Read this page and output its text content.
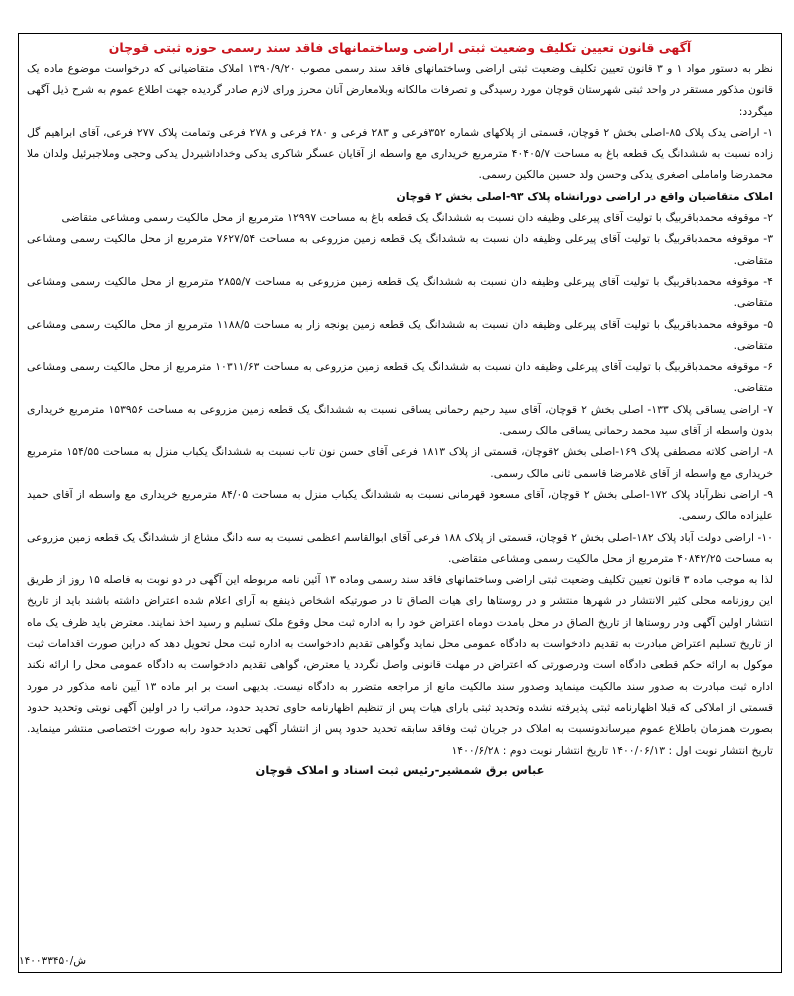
آگهی قانون تعیین تکلیف وضعیت ثبتی اراضی وساختمانهای فاقد سند رسمی حوزه ثبتی قوچان

نظر به دستور مواد ۱ و ۳ قانون تعیین تکلیف وضعیت ثبتی اراضی وساختمانهای فاقد سند رسمی مصوب ۱۳۹۰/۹/۲۰ املاک متقاضیانی که درخواست موضوع ماده یک قانون مذکور مستقر در واحد ثبتی شهرستان قوچان مورد رسیدگی و تصرفات مالکانه وبلامعارض آنان محرز ورای لازم صادر گردیده جهت اطلاع عموم به شرح ذیل آگهی میگردد:

۱- اراضی یدک پلاک ۸۵-اصلی بخش ۲ قوچان، قسمتی از پلاکهای شماره ۳۵۲فرعی و ۲۸۳ فرعی و ۲۸۰ فرعی و ۲۷۸ فرعی وتمامت پلاک ۲۷۷ فرعی، آقای ابراهیم گل زاده نسبت به ششدانگ یک قطعه باغ به مساحت ۴۰۴۰۵/۷ مترمربع خریداری مع واسطه از آقایان عسگر شاکری یدکی وخداداشیردل یدکی وحجی وملاجبرئیل ولدان ملا محمدرضا واماملی اصغری یدکی وحسن ولد حسین مالکین رسمی.

املاک متقاضیان واقع در اراضی دورانشاه پلاک ۹۳-اصلی بخش ۲ قوچان

۲- موقوفه محمدباقربیگ با تولیت آقای پیرعلی وظیفه دان نسبت به ششدانگ یک قطعه باغ به مساحت ۱۲۹۹۷ مترمربع از محل مالکیت رسمی ومشاعی متقاضی

۳- موقوفه محمدباقربیگ با تولیت آقای پیرعلی وظیفه دان نسبت به ششدانگ یک قطعه زمین مزروعی به مساحت ۷۶۲۷/۵۴ مترمربع از محل مالکیت رسمی ومشاعی متقاضی.

۴- موقوفه محمدباقربیگ با تولیت آقای پیرعلی وظیفه دان نسبت به ششدانگ یک قطعه زمین مزروعی به مساحت ۲۸۵۵/۷ مترمربع از محل مالکیت رسمی ومشاعی متقاضی.

۵- موقوفه محمدباقربیگ با تولیت آقای پیرعلی وظیفه دان نسبت به ششدانگ یک قطعه زمین یونجه زار به مساحت ۱۱۸۸/۵ مترمربع از محل مالکیت رسمی ومشاعی متقاضی.

۶- موقوفه محمدباقربیگ با تولیت آقای پیرعلی وظیفه دان نسبت به ششدانگ یک قطعه زمین مزروعی به مساحت ۱۰۳۱۱/۶۳ مترمربع از محل مالکیت رسمی ومشاعی متقاضی.

۷- اراضی یساقی پلاک ۱۳۳- اصلی بخش ۲ قوچان، آقای سید رحیم رحمانی یساقی نسبت به ششدانگ یک قطعه زمین مزروعی به مساحت ۱۵۳۹۵۶ مترمربع خریداری بدون واسطه از آقای سید محمد رحمانی یساقی مالک رسمی.

۸- اراضی کلاته مصطفی پلاک ۱۶۹-اصلی بخش ۲قوچان، قسمتی از پلاک ۱۸۱۳ فرعی آقای حسن نون تاب نسبت به ششدانگ یکباب منزل به مساحت ۱۵۴/۵۵ مترمربع خریداری مع واسطه از آقای غلامرضا قاسمی ثانی مالک رسمی.

۹- اراضی نظرآباد پلاک ۱۷۲-اصلی بخش ۲ قوچان، آقای مسعود قهرمانی نسبت به ششدانگ یکباب منزل به مساحت ۸۴/۰۵ مترمربع خریداری مع واسطه از آقای حمید علیزاده مالک رسمی.

۱۰- اراضی دولت آباد پلاک ۱۸۲-اصلی بخش ۲ قوچان، قسمتی از پلاک ۱۸۸ فرعی آقای ابوالقاسم اعظمی نسبت به سه دانگ مشاع از ششدانگ یک قطعه زمین مزروعی به مساحت ۴۰۸۴۲/۲۵ مترمربع از محل مالکیت رسمی ومشاعی متقاضی.

لذا به موجب ماده ۳ قانون تعیین تکلیف وضعیت ثبتی اراضی وساختمانهای فاقد سند رسمی وماده ۱۳ آئین نامه مربوطه این آگهی در دو نوبت به فاصله ۱۵ روز از طریق این روزنامه محلی کثیر الانتشار در شهرها منتشر و در روستاها رای هیات الصاق تا در صورتیکه اشخاص ذینفع به آرای اعلام شده اعتراض داشته باشند باید از تاریخ انتشار اولین آگهی ودر روستاها از تاریخ الصاق در محل بامدت دوماه اعتراض خود را به اداره ثبت محل وقوع ملک تسلیم و رسید اخذ نمایند. معترض باید ظرف یک ماه از تاریخ تسلیم اعتراض مبادرت به تقدیم دادخواست به دادگاه عمومی محل نماید وگواهی تقدیم دادخواست به اداره ثبت محل تحویل دهد که دراین صورت اقدامات ثبت موکول به ارائه حکم قطعی دادگاه است ودرصورتی که اعتراض در مهلت قانونی واصل نگردد یا معترض، گواهی تقدیم دادخواست به دادگاه عمومی محل را ارائه نکند اداره ثبت مبادرت به صدور سند مالکیت مینماید وصدور سند مالکیت مانع از مراجعه متضرر به دادگاه نیست. بدیهی است بر ابر ماده ۱۳ آیین نامه مذکور در مورد قسمتی از املاکی که قبلا اظهارنامه ثبتی پذیرفته نشده وتحدید ثبتی بارای هیات پس از تنظیم اظهارنامه حاوی تحدید حدود، مراتب را در اولین آگهی نوبتی وتحدید حدود بصورت همزمان باطلاع عموم میرساندونسبت به املاک در جریان ثبت وفاقد سابقه تحدید حدود پس از انتشار آگهی تحدید حدود رابه صورت اختصاصی منتشر مینماید. تاریخ انتشار نوبت اول : ۱۴۰۰/۰۶/۱۳ تاریخ انتشار نوبت دوم : ۱۴۰۰/۶/۲۸

عباس برق شمشیر-رئیس ثبت اسناد و املاک قوچان
۱۴۰۰۳۳۴۵۰/ش
